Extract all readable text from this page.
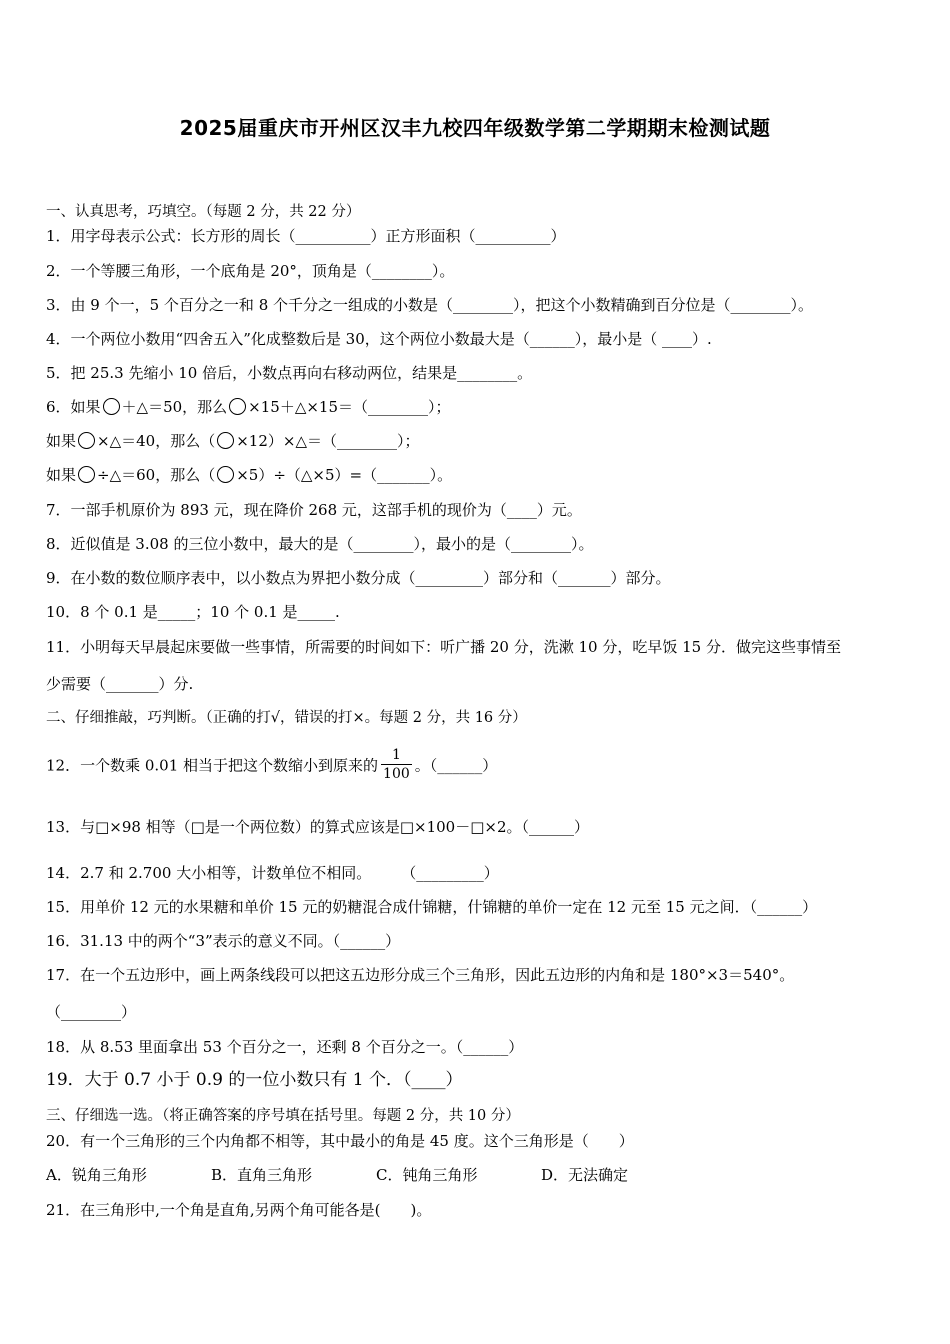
2025届重庆市开州区汉丰九校四年级数学第二学期期末检测试题
一、认真思考，巧填空。（每题 2 分，共 22 分）
1．用字母表示公式：长方形的周长（__________）正方形面积（__________）
2．一个等腰三角形，一个底角是 20°，顶角是（________）。
3．由 9 个一，5 个百分之一和 8 个千分之一组成的小数是（________），把这个小数精确到百分位是（________）。
4．一个两位小数用“四舍五入”化成整数后是 30，这个两位小数最大是（______），最小是（ ____）.
5．把 25.3 先缩小 10 倍后，小数点再向右移动两位，结果是________。
6．如果 ＋△＝50，那么 ×15＋△×15＝（________）；
如果 ×△＝40，那么（ ×12）×△＝（________）；
如果 ÷△＝60，那么（ ×5）÷（△×5）=（_______）。
7．一部手机原价为 893 元，现在降价 268 元，这部手机的现价为（____）元。
8．近似值是 3.08 的三位小数中，最大的是（________），最小的是（________）。
9．在小数的数位顺序表中，以小数点为界把小数分成（_________）部分和（_______）部分。
10．8 个 0.1 是_____；10 个 0.1 是_____.
11．小明每天早晨起床要做一些事情，所需要的时间如下：听广播 20 分，洗漱 10 分，吃早饭 15 分．做完这些事情至
少需要（_______）分.
二、仔细推敲，巧判断。（正确的打√，错误的打×。每题 2 分，共 16 分）
12．一个数乘 0.01 相当于把这个数缩小到原来的 $\frac{1}{100}$ 。（______）
13．与□×98 相等（□是一个两位数）的算式应该是□×100－□×2。（______）
14．2.7 和 2.700 大小相等，计数单位不相同。　　　（_________）
15．用单价 12 元的水果糖和单价 15 元的奶糖混合成什锦糖，什锦糖的单价一定在 12 元至 15 元之间．（______）
16．31.13 中的两个“3”表示的意义不同。（______）
17．在一个五边形中，画上两条线段可以把这五边形分成三个三角形，因此五边形的内角和是 180°×3＝540°。
（________）
18．从 8.53 里面拿出 53 个百分之一，还剩 8 个百分之一。（______）
19．大于 0.7 小于 0.9 的一位小数只有 1 个．（____）
三、仔细选一选。（将正确答案的序号填在括号里。每题 2 分，共 10 分）
20．有一个三角形的三个内角都不相等，其中最小的角是 45 度。这个三角形是（　　）
A．锐角三角形	B．直角三角形	C．钝角三角形	D．无法确定
21．在三角形中,一个角是直角,另两个角可能各是(　　)。
